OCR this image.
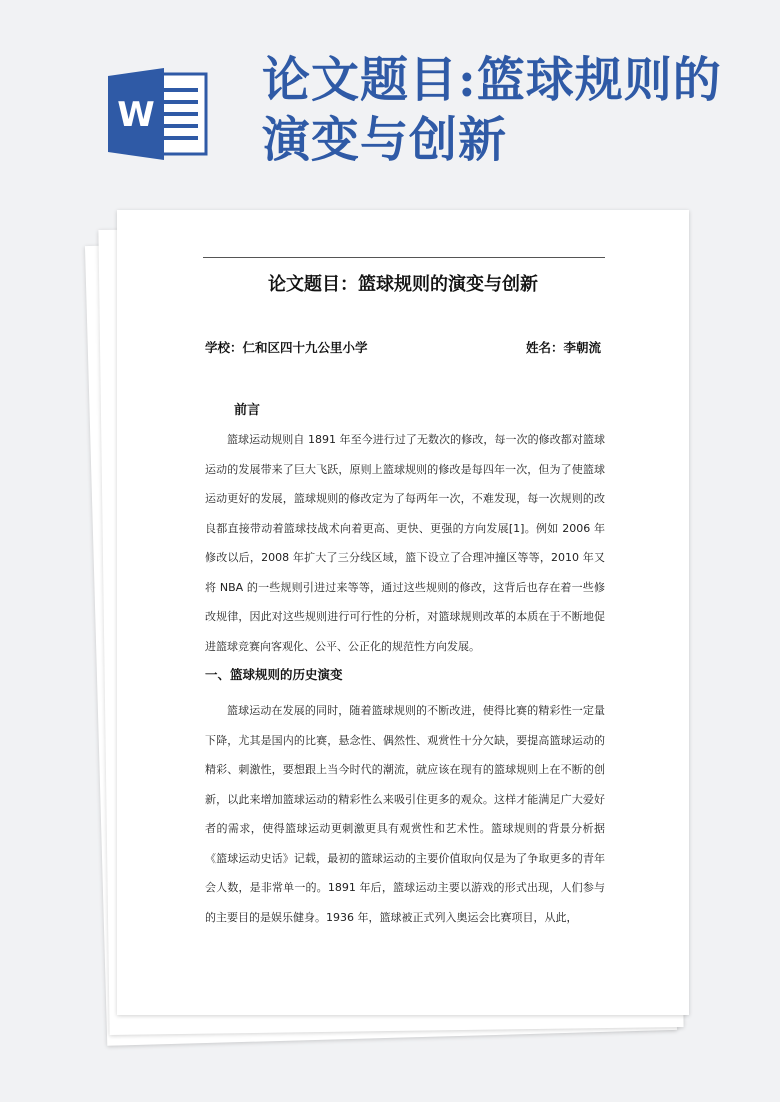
W
论文题目:篮球规则的演变与创新
论文题目：篮球规则的演变与创新
学校：仁和区四十九公里小学	姓名：李朝流
前言

篮球运动规则自 1891 年至今进行过了无数次的修改，每一次的修改都对篮球运动的发展带来了巨大飞跃，原则上篮球规则的修改是每四年一次，但为了使篮球运动更好的发展，篮球规则的修改定为了每两年一次，不难发现，每一次规则的改良都直接带动着篮球技战术向着更高、更快、更强的方向发展[1]。例如 2006 年修改以后，2008 年扩大了三分线区域，篮下设立了合理冲撞区等等，2010 年又将 NBA 的一些规则引进过来等等，通过这些规则的修改，这背后也存在着一些修改规律，因此对这些规则进行可行性的分析，对篮球规则改革的本质在于不断地促进篮球竞赛向客观化、公平、公正化的规范性方向发展。

一、篮球规则的历史演变

篮球运动在发展的同时，随着篮球规则的不断改进，使得比赛的精彩性一定量下降，尤其是国内的比赛，悬念性、偶然性、观赏性十分欠缺，要提高篮球运动的精彩、刺激性，要想跟上当今时代的潮流，就应该在现有的篮球规则上在不断的创新，以此来增加篮球运动的精彩性么来吸引住更多的观众。这样才能满足广大爱好者的需求，使得篮球运动更刺激更具有观赏性和艺术性。篮球规则的背景分析据《篮球运动史话》记载，最初的篮球运动的主要价值取向仅是为了争取更多的青年会人数，是非常单一的。1891 年后，篮球运动主要以游戏的形式出现，人们参与的主要目的是娱乐健身。1936 年，篮球被正式列入奥运会比赛项目，从此，
